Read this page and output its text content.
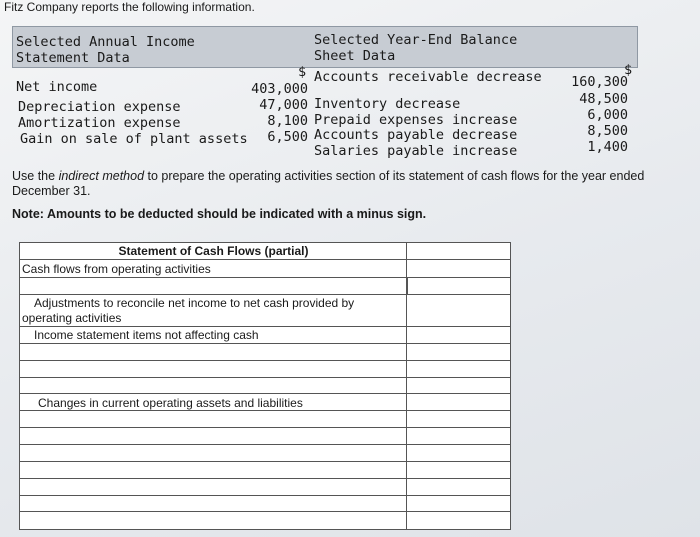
Fitz Company reports the following information.
Selected Annual Income
Statement Data
Selected Year-End Balance
Sheet Data
$	$
Net income	403,000
Depreciation expense	47,000
Amortization expense	8,100
Gain on sale of plant assets	6,500
Accounts receivable decrease	160,300
Inventory decrease	48,500
Prepaid expenses increase	6,000
Accounts payable decrease	8,500
Salaries payable increase	1,400
Use the indirect method to prepare the operating activities section of its statement of cash flows for the year ended December 31.
Note: Amounts to be deducted should be indicated with a minus sign.
Statement of Cash Flows (partial)
Cash flows from operating activities
Adjustments to reconcile net income to net cash provided by
operating activities
Income statement items not affecting cash
Changes in current operating assets and liabilities
